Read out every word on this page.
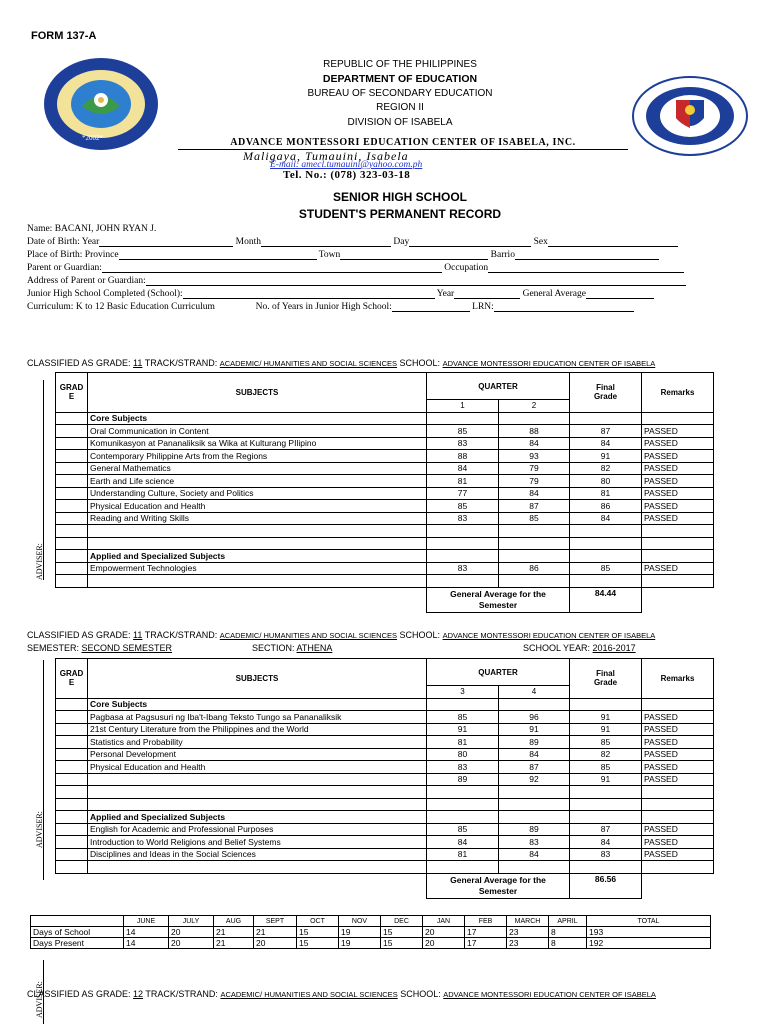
FORM 137-A
*2002*
REPUBLIC OF THE PHILIPPINES
DEPARTMENT OF EDUCATION
BUREAU OF SECONDARY EDUCATION
REGION II
DIVISION OF ISABELA
ADVANCE MONTESSORI EDUCATION CENTER OF ISABELA, INC.
Maligaya, Tumauini, Isabela
E-mail: amecl.tumauini@yahoo.com.ph
Tel. No.: (078) 323-03-18
SENIOR HIGH SCHOOL
STUDENT'S PERMANENT RECORD
Name: BACANI, JOHN RYAN J.
Date of Birth: Year	Month	Day	Sex
Place of Birth: Province	Town	Barrio
Parent or Guardian:	Occupation
Address of Parent or Guardian:
Junior High School Completed (School):	Year	General Average
Curriculum: K to 12 Basic Education Curriculum	No. of Years in Junior High School:	LRN:
CLASSIFIED AS GRADE: 11 TRACK/STRAND: ACADEMIC/ HUMANITIES AND SOCIAL SCIENCES SCHOOL: ADVANCE MONTESSORI EDUCATION CENTER OF ISABELA
ADVISER:
ADVISER:
ADVISER:
GRAD
E	SUBJECTS	QUARTER		Final
Grade	Remarks
		1	2		
	Core Subjects				
	Oral Communication in Content	85	88	87	PASSED
	Komunikasyon at Pananaliksik sa Wika at Kulturang PIlipino	83	84	84	PASSED
	Contemporary Philippine Arts from the Regions	88	93	91	PASSED
	General Mathematics	84	79	82	PASSED
	Earth and Life science	81	79	80	PASSED
	Understanding Culture, Society and Politics	77	84	81	PASSED
	Physical Education and Health	85	87	86	PASSED
	Reading and Writing Skills	83	85	84	PASSED

	Applied and Specialized Subjects				
	Empowerment Technologies	83	86	85	PASSED

		General Average for the
Semester		84.44	
CLASSIFIED AS GRADE: 11 TRACK/STRAND: ACADEMIC/ HUMANITIES AND SOCIAL SCIENCES SCHOOL: ADVANCE MONTESSORI EDUCATION CENTER OF ISABELA
SEMESTER: SECOND SEMESTER	SECTION: ATHENA	SCHOOL YEAR: 2016-2017
GRAD
E	SUBJECTS	QUARTER		Final
Grade	Remarks
		3	4		
	Core Subjects				
	Pagbasa at Pagsusuri ng Iba't-Ibang Teksto Tungo sa Pananaliksik	85	96	91	PASSED
	21st Century Literature from the Philippines and the World	91	91	91	PASSED
	Statistics and Probability	81	89	85	PASSED
	Personal Development	80	84	82	PASSED
	Physical Education and Health	83	87	85	PASSED
		89	92	91	PASSED

	Applied and Specialized Subjects				
	English for Academic and Professional Purposes	85	89	87	PASSED
	Introduction to World Religions and Belief Systems	84	83	84	PASSED
	Disciplines and Ideas in the Social Sciences	81	84	83	PASSED

		General Average for the
Semester		86.56	
	JUNE	JULY	AUG	SEPT	OCT	NOV	DEC	JAN	FEB	MARCH	APRIL	TOTAL
Days of School	14	20	21	21	15	19	15	20	17	23	8	193
Days Present	14	20	21	20	15	19	15	20	17	23	8	192
CLASSIFIED AS GRADE: 12 TRACK/STRAND: ACADEMIC/ HUMANITIES AND SOCIAL SCIENCES SCHOOL: ADVANCE MONTESSORI EDUCATION CENTER OF ISABELA
